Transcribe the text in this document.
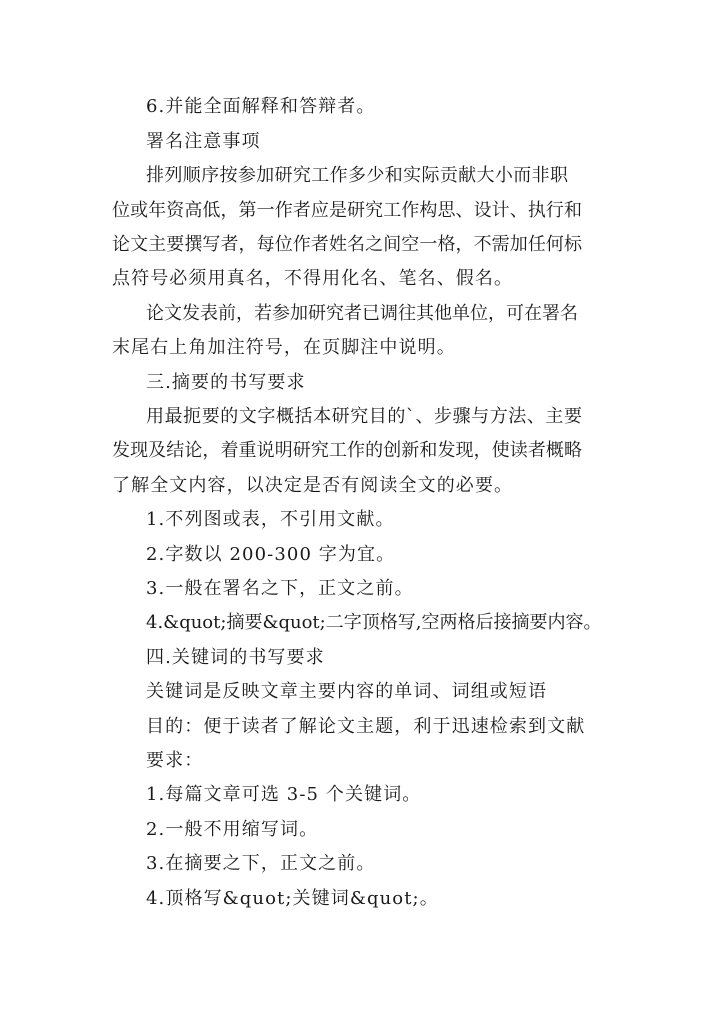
6.并能全面解释和答辩者。
署名注意事项
排列顺序按参加研究工作多少和实际贡献大小而非职
位或年资高低，第一作者应是研究工作构思、设计、执行和
论文主要撰写者，每位作者姓名之间空一格，不需加任何标
点符号必须用真名，不得用化名、笔名、假名。
论文发表前，若参加研究者已调往其他单位，可在署名
末尾右上角加注符号，在页脚注中说明。
三.摘要的书写要求
用最扼要的文字概括本研究目的`、步骤与方法、主要
发现及结论，着重说明研究工作的创新和发现，使读者概略
了解全文内容，以决定是否有阅读全文的必要。
1.不列图或表，不引用文献。
2.字数以 200-300 字为宜。
3.一般在署名之下，正文之前。
4.&quot;摘要&quot;二字顶格写,空两格后接摘要内容。
四.关键词的书写要求
关键词是反映文章主要内容的单词、词组或短语
目的：便于读者了解论文主题，利于迅速检索到文献
要求：
1.每篇文章可选 3-5 个关键词。
2.一般不用缩写词。
3.在摘要之下，正文之前。
4.顶格写&quot;关键词&quot;。
